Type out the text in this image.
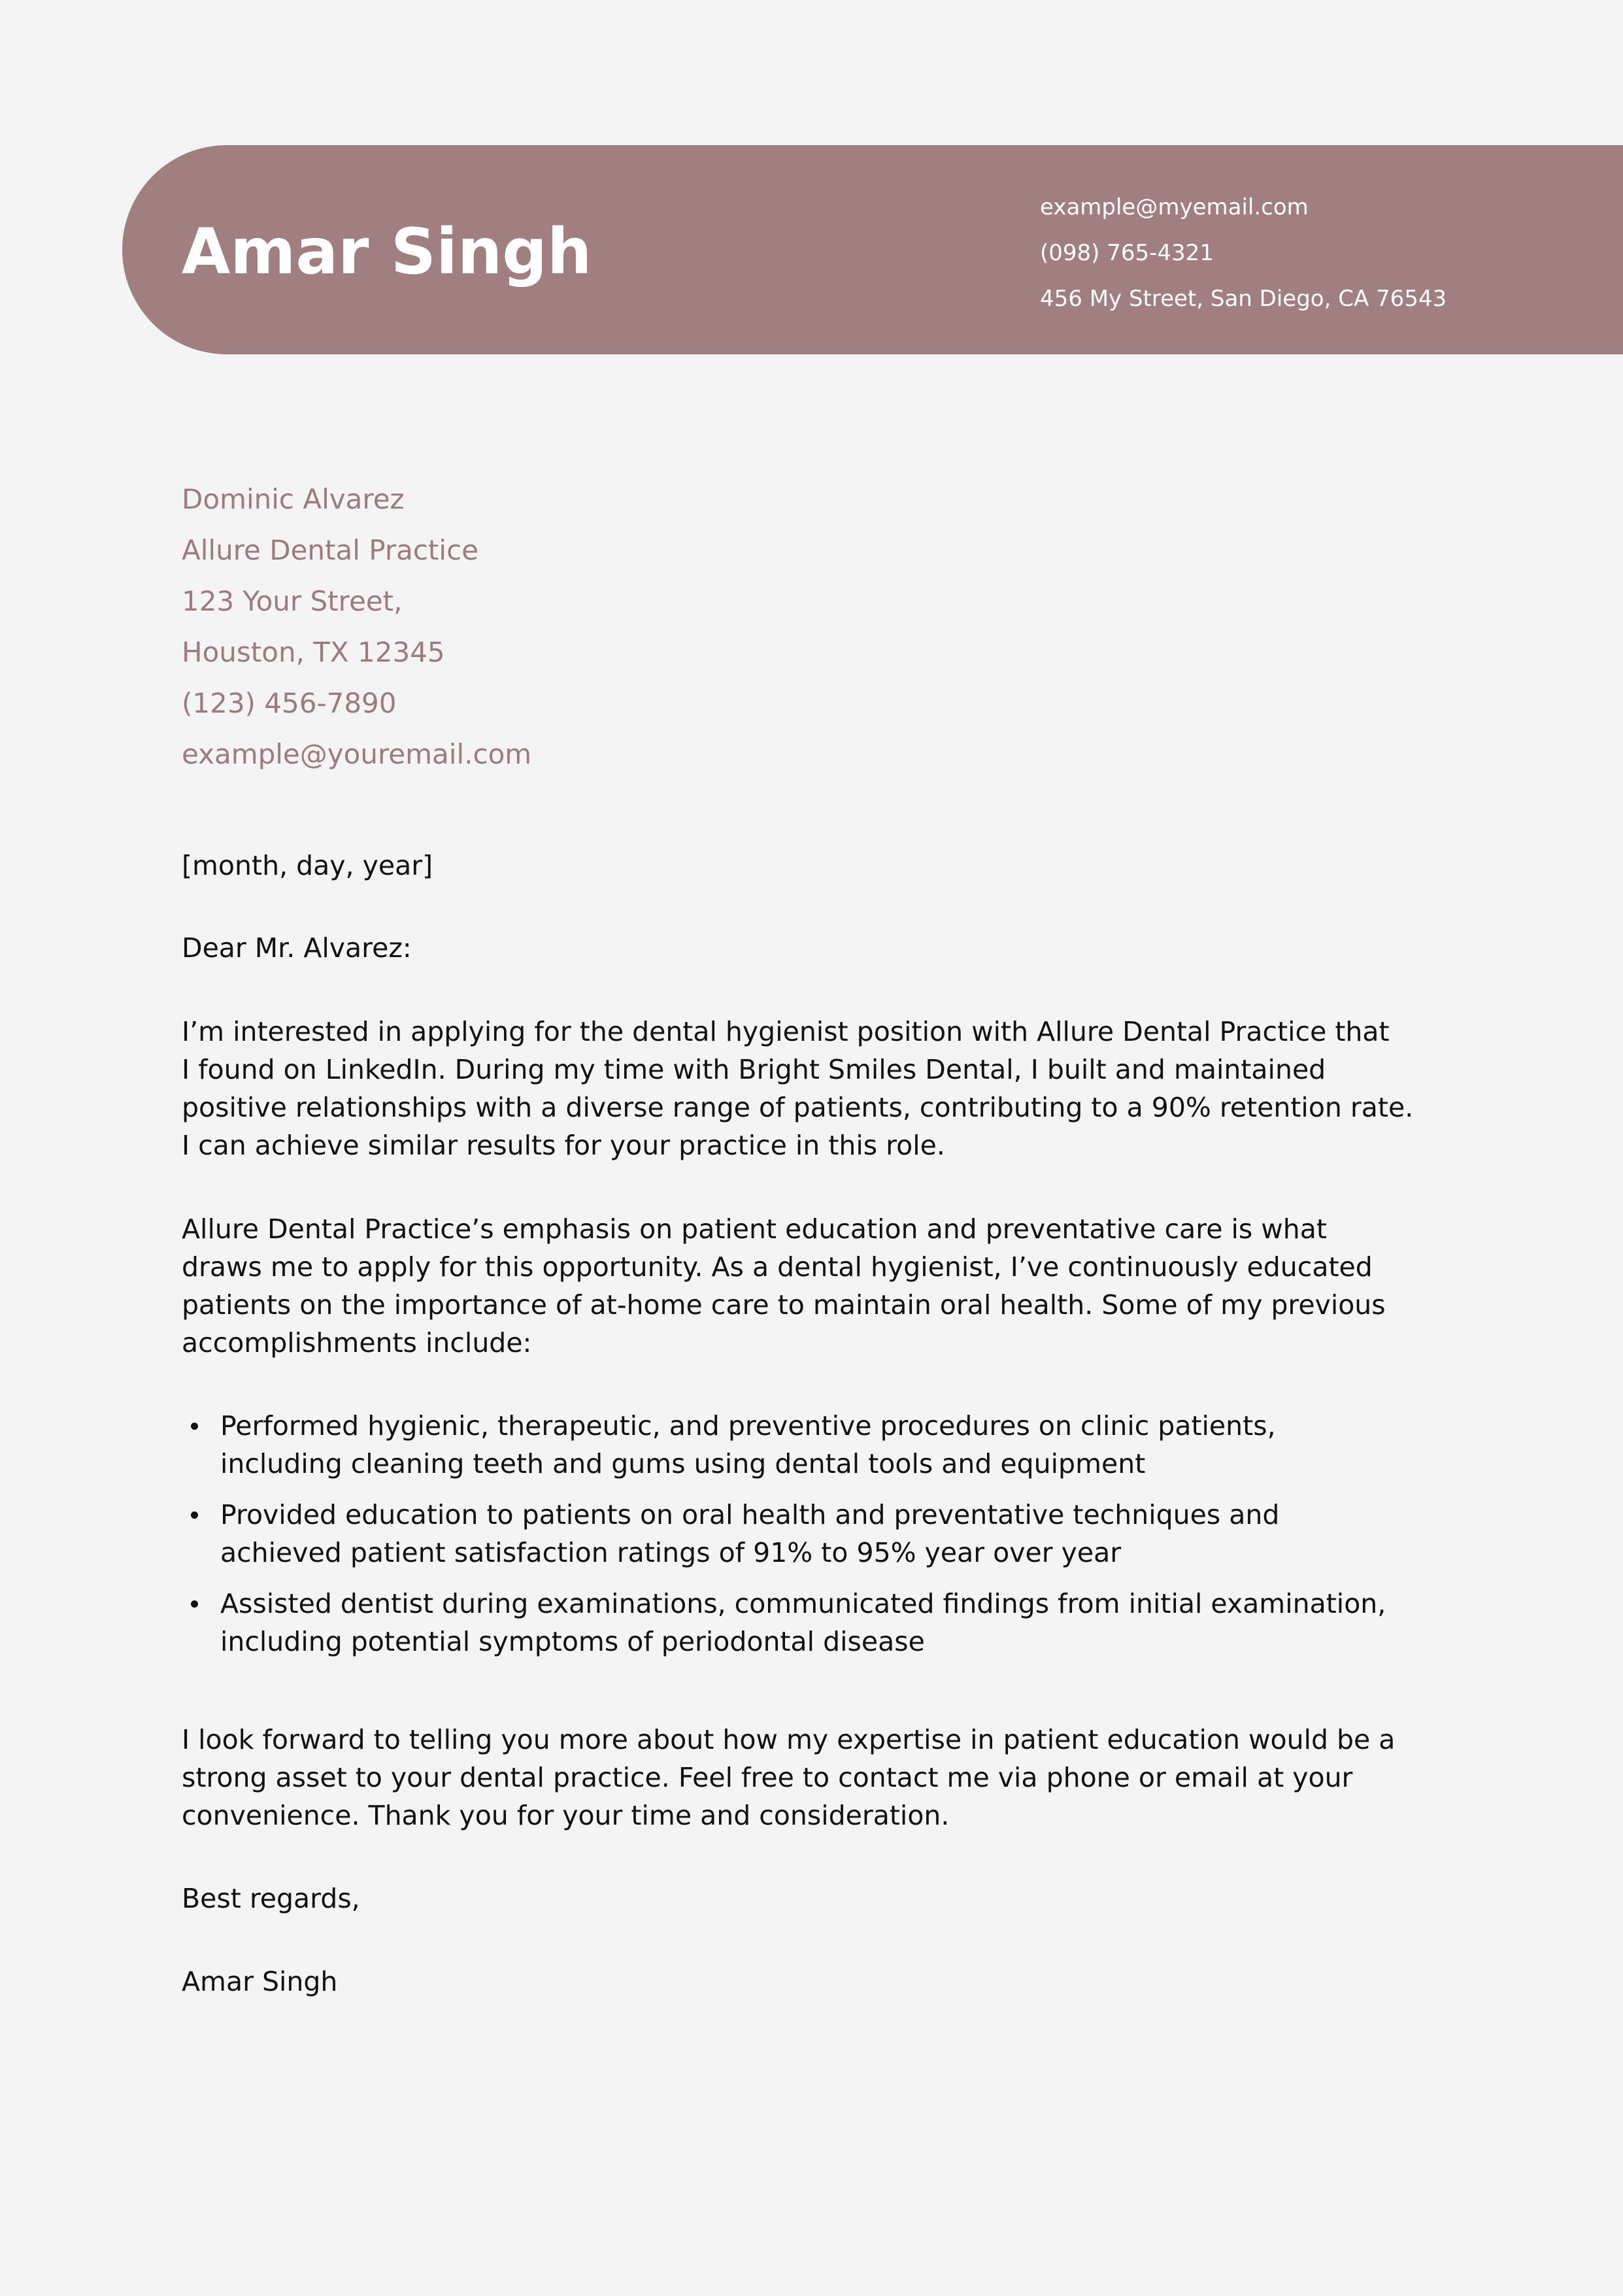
Amar Singh
example@myemail.com
(098) 765-4321
456 My Street, San Diego, CA 76543
Dominic Alvarez
Allure Dental Practice
123 Your Street,
Houston, TX 12345
(123) 456-7890
example@youremail.com

[month, day, year]

Dear Mr. Alvarez:

I’m interested in applying for the dental hygienist position with Allure Dental Practice that
I found on LinkedIn. During my time with Bright Smiles Dental, I built and maintained
positive relationships with a diverse range of patients, contributing to a 90% retention rate.
I can achieve similar results for your practice in this role.

Allure Dental Practice’s emphasis on patient education and preventative care is what
draws me to apply for this opportunity. As a dental hygienist, I’ve continuously educated
patients on the importance of at-home care to maintain oral health. Some of my previous
accomplishments include:

Performed hygienic, therapeutic, and preventive procedures on clinic patients,
including cleaning teeth and gums using dental tools and equipment
Provided education to patients on oral health and preventative techniques and
achieved patient satisfaction ratings of 91% to 95% year over year
Assisted dentist during examinations, communicated findings from initial examination,
including potential symptoms of periodontal disease

I look forward to telling you more about how my expertise in patient education would be a
strong asset to your dental practice. Feel free to contact me via phone or email at your
convenience. Thank you for your time and consideration.

Best regards,

Amar Singh
